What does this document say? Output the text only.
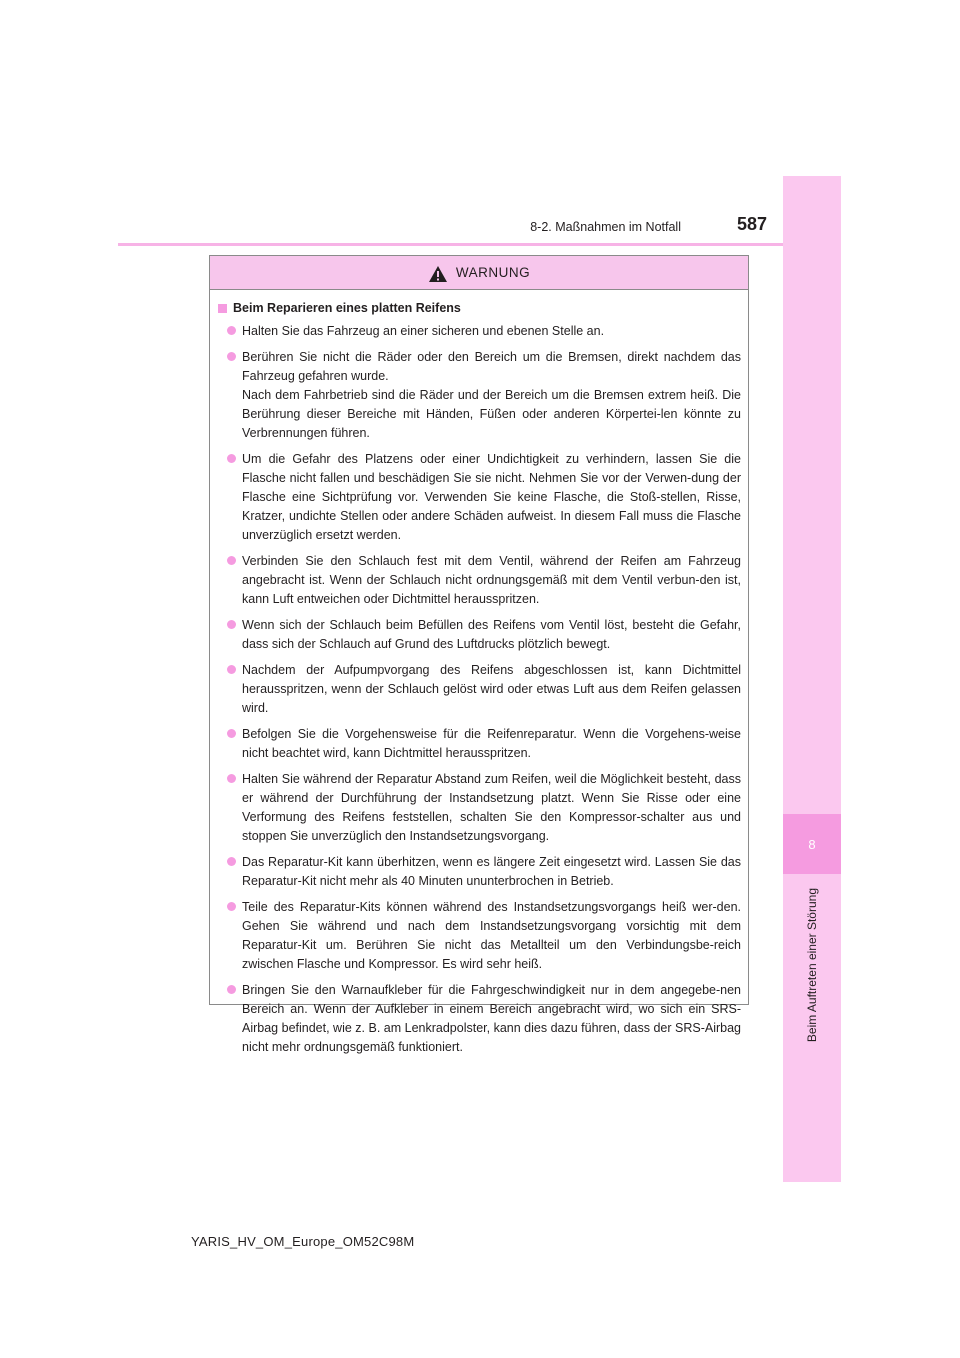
8
Beim Auftreten einer Störung
8-2. Maßnahmen im Notfall	587
WARNUNG
Beim Reparieren eines platten Reifens
Halten Sie das Fahrzeug an einer sicheren und ebenen Stelle an.
Berühren Sie nicht die Räder oder den Bereich um die Bremsen, direkt nachdem das Fahrzeug gefahren wurde.
Nach dem Fahrbetrieb sind die Räder und der Bereich um die Bremsen extrem heiß. Die Berührung dieser Bereiche mit Händen, Füßen oder anderen Körpertei-len könnte zu Verbrennungen führen.
Um die Gefahr des Platzens oder einer Undichtigkeit zu verhindern, lassen Sie die Flasche nicht fallen und beschädigen Sie sie nicht. Nehmen Sie vor der Verwen-dung der Flasche eine Sichtprüfung vor. Verwenden Sie keine Flasche, die Stoß-stellen, Risse, Kratzer, undichte Stellen oder andere Schäden aufweist. In diesem Fall muss die Flasche unverzüglich ersetzt werden.
Verbinden Sie den Schlauch fest mit dem Ventil, während der Reifen am Fahrzeug angebracht ist. Wenn der Schlauch nicht ordnungsgemäß mit dem Ventil verbun-den ist, kann Luft entweichen oder Dichtmittel herausspritzen.
Wenn sich der Schlauch beim Befüllen des Reifens vom Ventil löst, besteht die Gefahr, dass sich der Schlauch auf Grund des Luftdrucks plötzlich bewegt.
Nachdem der Aufpumpvorgang des Reifens abgeschlossen ist, kann Dichtmittel herausspritzen, wenn der Schlauch gelöst wird oder etwas Luft aus dem Reifen gelassen wird.
Befolgen Sie die Vorgehensweise für die Reifenreparatur. Wenn die Vorgehens-weise nicht beachtet wird, kann Dichtmittel herausspritzen.
Halten Sie während der Reparatur Abstand zum Reifen, weil die Möglichkeit besteht, dass er während der Durchführung der Instandsetzung platzt. Wenn Sie Risse oder eine Verformung des Reifens feststellen, schalten Sie den Kompressor-schalter aus und stoppen Sie unverzüglich den Instandsetzungsvorgang.
Das Reparatur-Kit kann überhitzen, wenn es längere Zeit eingesetzt wird. Lassen Sie das Reparatur-Kit nicht mehr als 40 Minuten ununterbrochen in Betrieb.
Teile des Reparatur-Kits können während des Instandsetzungsvorgangs heiß wer-den. Gehen Sie während und nach dem Instandsetzungsvorgang vorsichtig mit dem Reparatur-Kit um. Berühren Sie nicht das Metallteil um den Verbindungsbe-reich zwischen Flasche und Kompressor. Es wird sehr heiß.
Bringen Sie den Warnaufkleber für die Fahrgeschwindigkeit nur in dem angegebe-nen Bereich an. Wenn der Aufkleber in einem Bereich angebracht wird, wo sich ein SRS-Airbag befindet, wie z. B. am Lenkradpolster, kann dies dazu führen, dass der SRS-Airbag nicht mehr ordnungsgemäß funktioniert.
YARIS_HV_OM_Europe_OM52C98M
